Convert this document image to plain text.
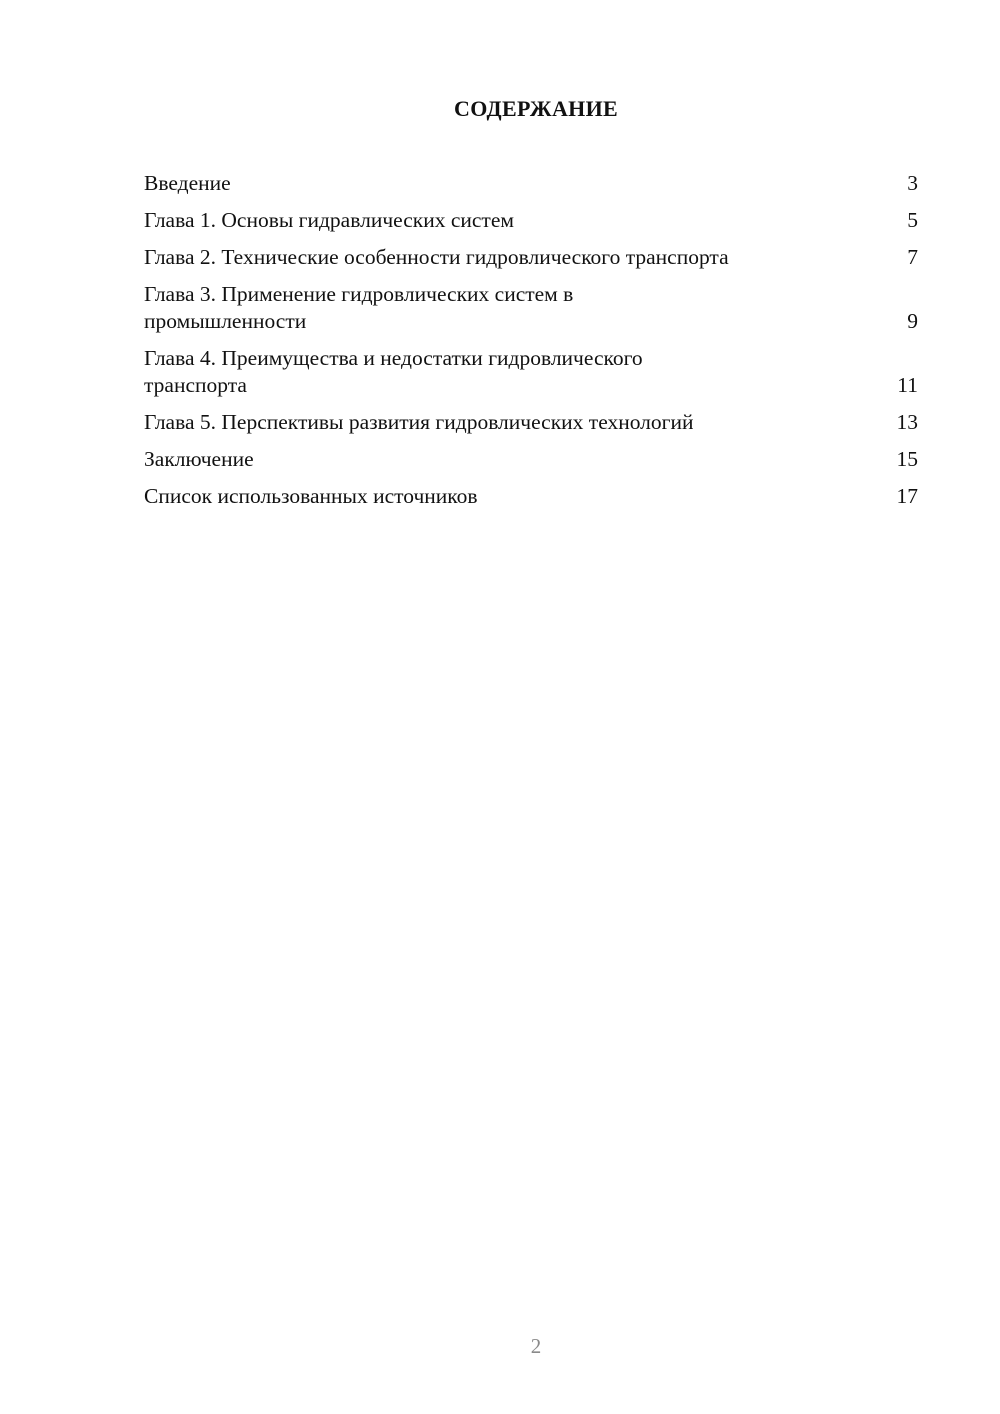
СОДЕРЖАНИЕ
Введение	3
Глава 1. Основы гидравлических систем	5
Глава 2. Технические особенности гидровлического транспорта	7
Глава 3. Применение гидровлических систем в
промышленности	9
Глава 4. Преимущества и недостатки гидровлического
транспорта	11
Глава 5. Перспективы развития гидровлических технологий	13
Заключение	15
Список использованных источников	17
2
